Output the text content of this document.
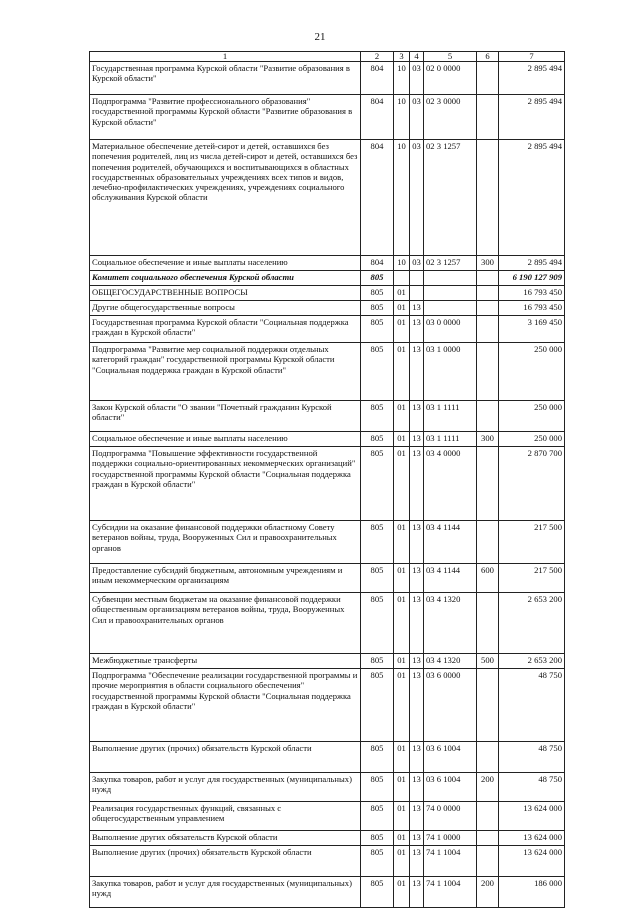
21
1	2	3	4	5	6	7
Государственная программа Курской области "Развитие образования в Курской области"	804	10	03	02 0 0000		2 895 494
Подпрограмма "Развитие профессионального образования" государственной программы Курской области "Развитие образования в Курской области"	804	10	03	02 3 0000		2 895 494
Материальное обеспечение детей-сирот и детей, оставшихся без попечения родителей, лиц из числа детей-сирот и детей, оставшихся без попечения родителей, обучающихся и воспитывающихся в областных государственных образовательных учреждениях всех типов и видов, лечебно-профилактических учреждениях, учреждениях социального обслуживания Курской области	804	10	03	02 3 1257		2 895 494
Социальное обеспечение и иные выплаты населению	804	10	03	02 3 1257	300	2 895 494
Комитет социального обеспечения Курской области	805					6 190 127 909
ОБЩЕГОСУДАРСТВЕННЫЕ ВОПРОСЫ	805	01				16 793 450
Другие общегосударственные вопросы	805	01	13			16 793 450
Государственная программа Курской области "Социальная поддержка граждан в Курской области"	805	01	13	03 0 0000		3 169 450
Подпрограмма "Развитие мер социальной поддержки отдельных категорий граждан" государственной программы Курской области "Социальная поддержка граждан в Курской области"	805	01	13	03 1 0000		250 000
Закон Курской области "О звании "Почетный гражданин Курской области"	805	01	13	03 1 1111		250 000
Социальное обеспечение и иные выплаты населению	805	01	13	03 1 1111	300	250 000
Подпрограмма "Повышение эффективности государственной поддержки социально-ориентированных некоммерческих организаций" государственной программы Курской области "Социальная поддержка граждан в Курской области"	805	01	13	03 4 0000		2 870 700
Субсидии на оказание финансовой поддержки областному Совету ветеранов войны, труда, Вооруженных Сил и правоохранительных органов	805	01	13	03 4 1144		217 500
Предоставление субсидий бюджетным, автономным учреждениям и иным некоммерческим организациям	805	01	13	03 4 1144	600	217 500
Субвенции местным бюджетам на оказание финансовой поддержки общественным организациям ветеранов войны, труда, Вооруженных Сил и правоохранительных органов	805	01	13	03 4 1320		2 653 200
Межбюджетные трансферты	805	01	13	03 4 1320	500	2 653 200
Подпрограмма "Обеспечение реализации государственной программы и прочие мероприятия в области социального обеспечения" государственной программы Курской области "Социальная поддержка граждан в Курской области"	805	01	13	03 6 0000		48 750
Выполнение других (прочих) обязательств Курской области	805	01	13	03 6 1004		48 750
Закупка товаров, работ и услуг для государственных (муниципальных) нужд	805	01	13	03 6 1004	200	48 750
Реализация государственных функций, связанных с общегосударственным управлением	805	01	13	74 0 0000		13 624 000
Выполнение других обязательств Курской области	805	01	13	74 1 0000		13 624 000
Выполнение других (прочих) обязательств Курской области	805	01	13	74 1 1004		13 624 000
Закупка товаров, работ и услуг для государственных (муниципальных) нужд	805	01	13	74 1 1004	200	186 000
